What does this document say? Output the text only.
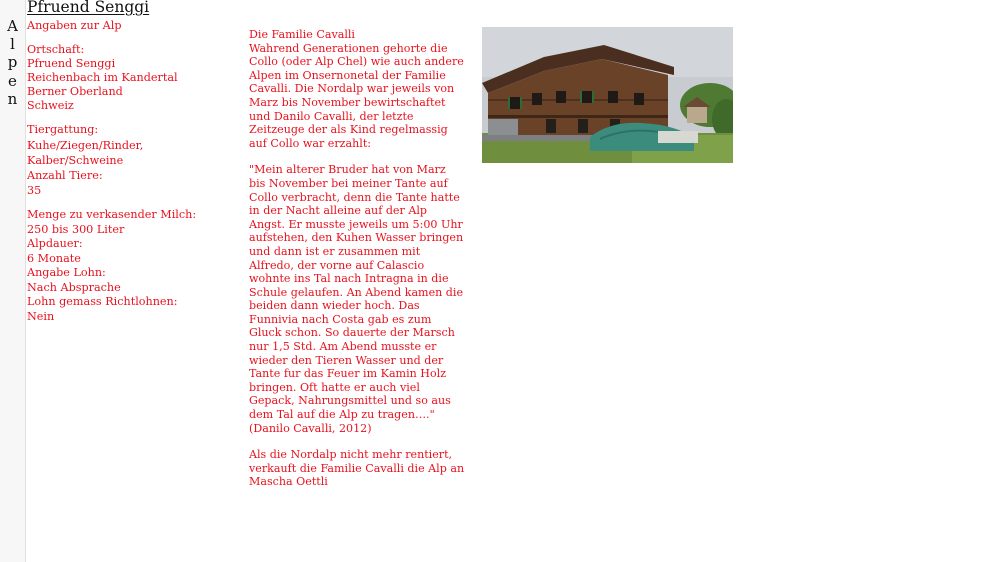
A
l
p
e
n
Pfruend Senggi
Angaben zur Alp
Ortschaft:
Pfruend Senggi
Reichenbach im Kandertal
Berner Oberland
Schweiz
Tiergattung:
Kuhe/Ziegen/Rinder,
Kalber/Schweine
Anzahl Tiere:
35
Menge zu verkasender Milch:
250 bis 300 Liter
Alpdauer:
6 Monate
Angabe Lohn:
Nach Absprache
Lohn gemass Richtlohnen:
Nein

Die Familie Cavalli

Wahrend Generationen gehorte die Collo (oder Alp Chel) wie auch andere Alpen im Onsernonetal der Familie Cavalli. Die Nordalp war jeweils von Marz bis November bewirtschaftet und Danilo Cavalli, der letzte Zeitzeuge der als Kind regelmassig auf Collo war erzahlt:

"Mein alterer Bruder hat von Marz bis November bei meiner Tante auf Collo verbracht, denn die Tante hatte in der Nacht alleine auf der Alp Angst. Er musste jeweils um 5:00 Uhr aufstehen, den Kuhen Wasser bringen und dann ist er zusammen mit Alfredo, der vorne auf Calascio wohnte ins Tal nach Intragna in die Schule gelaufen. An Abend kamen die beiden dann wieder hoch. Das Funnivia nach Costa gab es zum Gluck schon. So dauerte der Marsch nur 1,5 Std. Am Abend musste er wieder den Tieren Wasser und der Tante fur das Feuer im Kamin Holz bringen. Oft hatte er auch viel Gepack, Nahrungsmittel und so aus dem Tal auf die Alp zu tragen…." (Danilo Cavalli, 2012)

Als die Nordalp nicht mehr rentiert, verkauft die Familie Cavalli die Alp an Mascha Oettli
